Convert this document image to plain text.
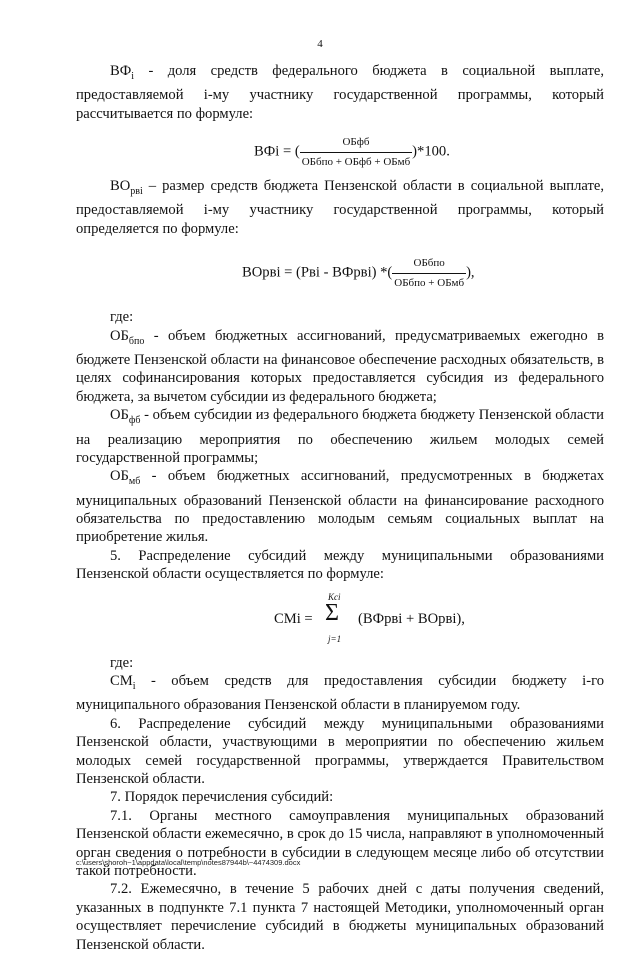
4

$ВФ_i$ - доля средств федерального бюджета в социальной выплате, предоставляемой i-му участнику государственной программы, который рассчитывается по формуле:

ВФi = ( $\frac{\text{ОБфб}}{\text{ОБбпо + ОБфб + ОБмб}} )*100$.

$ВО_{рвi}$ – размер средств бюджета Пензенской области в социальной выплате, предоставляемой i-му участнику государственной программы, который определяется по формуле:

ВОрвi = (Рвi - ВФрвi) *( $\frac{\text{ОБбпо}}{\text{ОБбпо + ОБмб}}$ ),

где:

$ОБ_{бпо}$ - объем бюджетных ассигнований, предусматриваемых ежегодно в бюджете Пензенской области на финансовое обеспечение расходных обязательств, в целях софинансирования которых предоставляется субсидия из федерального бюджета, за вычетом субсидии из федерального бюджета;

$ОБ_{фб}$ - объем субсидии из федерального бюджета бюджету Пензенской области на реализацию мероприятия по обеспечению жильем молодых семей государственной программы;

$ОБ_{мб}$ - объем бюджетных ассигнований, предусмотренных в бюджетах муниципальных образований Пензенской области на финансирование расходного обязательства по предоставлению молодым семьям социальных выплат на приобретение жилья.

5. Распределение субсидий между муниципальными образованиями Пензенской области осуществляется по формуле:

СМi =
Kci
Σ
j=1
(ВФрвi + ВОрвi),

где:

$СМ_i$ - объем средств для предоставления субсидии бюджету i-го муниципального образования Пензенской области в планируемом году.

6. Распределение субсидий между муниципальными образованиями Пензенской области, участвующими в мероприятии по обеспечению жильем молодых семей государственной программы, утверждается Правительством Пензенской области.

7. Порядок перечисления субсидий:

7.1. Органы местного самоуправления муниципальных образований Пензенской области ежемесячно, в срок до 15 числа, направляют в уполномоченный орган сведения о потребности в субсидии в следующем месяце либо об отсутствии такой потребности.

7.2. Ежемесячно, в течение 5 рабочих дней с даты получения сведений, указанных в подпункте 7.1 пункта 7 настоящей Методики, уполномоченный орган осуществляет перечисление субсидий в бюджеты муниципальных образований Пензенской области.

c:\users\shoroh~1\appdata\local\temp\notes87944b\~4474309.docx
